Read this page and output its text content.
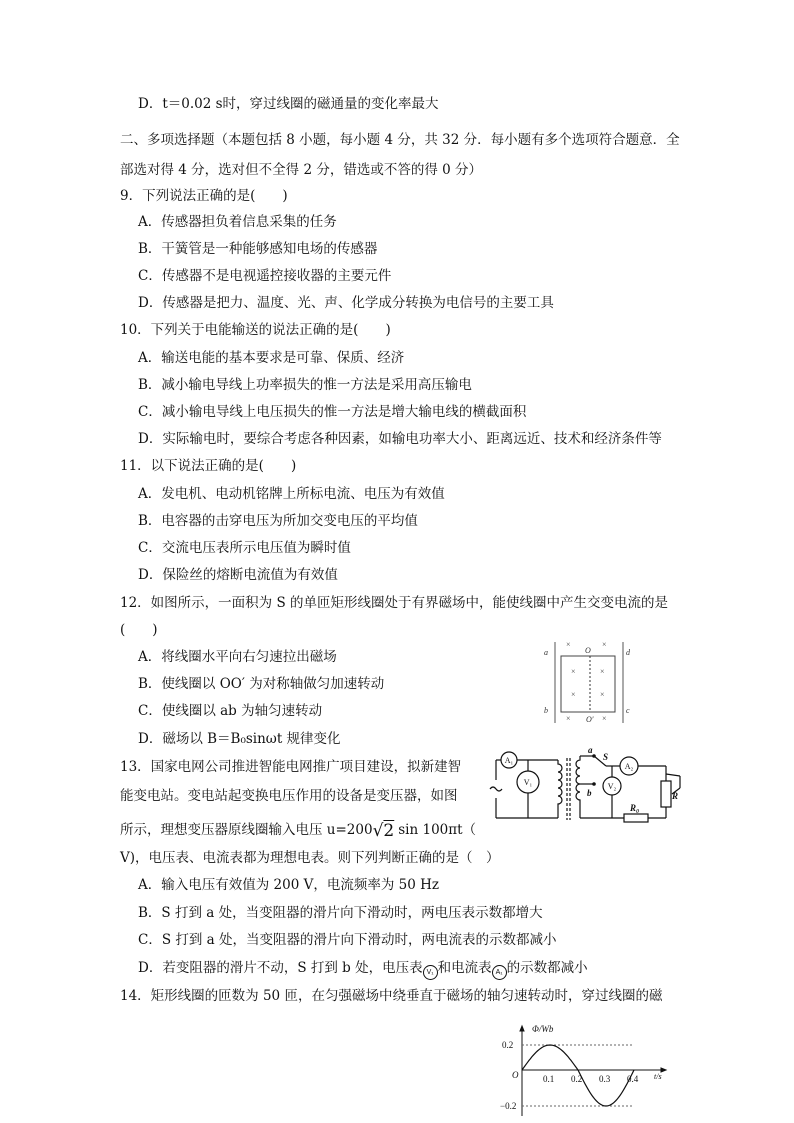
D．t＝0.02 s时，穿过线圈的磁通量的变化率最大
二、多项选择题（本题包括 8 小题，每小题 4 分，共 32 分．每小题有多个选项符合题意．全
部选对得 4 分，选对但不全得 2 分，错选或不答的得 0 分）
9．下列说法正确的是(　　)
A．传感器担负着信息采集的任务
B．干簧管是一种能够感知电场的传感器
C．传感器不是电视遥控接收器的主要元件
D．传感器是把力、温度、光、声、化学成分转换为电信号的主要工具
10．下列关于电能输送的说法正确的是(　　)
A．输送电能的基本要求是可靠、保质、经济
B．减小输电导线上功率损失的惟一方法是采用高压输电
C．减小输电导线上电压损失的惟一方法是增大输电线的横截面积
D．实际输电时，要综合考虑各种因素，如输电功率大小、距离远近、技术和经济条件等
11．以下说法正确的是(　　)
A．发电机、电动机铭牌上所标电流、电压为有效值
B．电容器的击穿电压为所加交变电压的平均值
C．交流电压表所示电压值为瞬时值
D．保险丝的熔断电流值为有效值
12．如图所示，一面积为 S 的单匝矩形线圈处于有界磁场中，能使线圈中产生交变电流的是
(　　)
A．将线圈水平向右匀速拉出磁场
B．使线圈以 OO′ 为对称轴做匀加速转动
C．使线圈以 ab 为轴匀速转动
D．磁场以 B＝B₀sinωt 规律变化
×	×
×	×
×	×
×	×
a	d
b	c
O
O′
13．国家电网公司推进智能电网推广项目建设，拟新建智
能变电站。变电站起变换电压作用的设备是变压器，如图
所示，理想变压器原线圈输入电压 u=200√2 sin 100πt（
V)，电压表、电流表都为理想电表。则下列判断正确的是（　）
A．输入电压有效值为 200 V，电流频率为 50 Hz
B．S 打到 a 处，当变阻器的滑片向下滑动时，两电压表示数都增大
C．S 打到 a 处，当变阻器的滑片向下滑动时，两电流表的示数都减小
D．若变阻器的滑片不动，S 打到 b 处，电压表 V₁ 和电流表 A₁ 的示数都减小
A₁
V₁
A₂
V₂
a
b
S
R₀
R
14．矩形线圈的匝数为 50 匝，在匀强磁场中绕垂直于磁场的轴匀速转动时，穿过线圈的磁
0.1 0.2 0.3 0.4
0.2
−0.2
Φ/Wb
t/s
O
